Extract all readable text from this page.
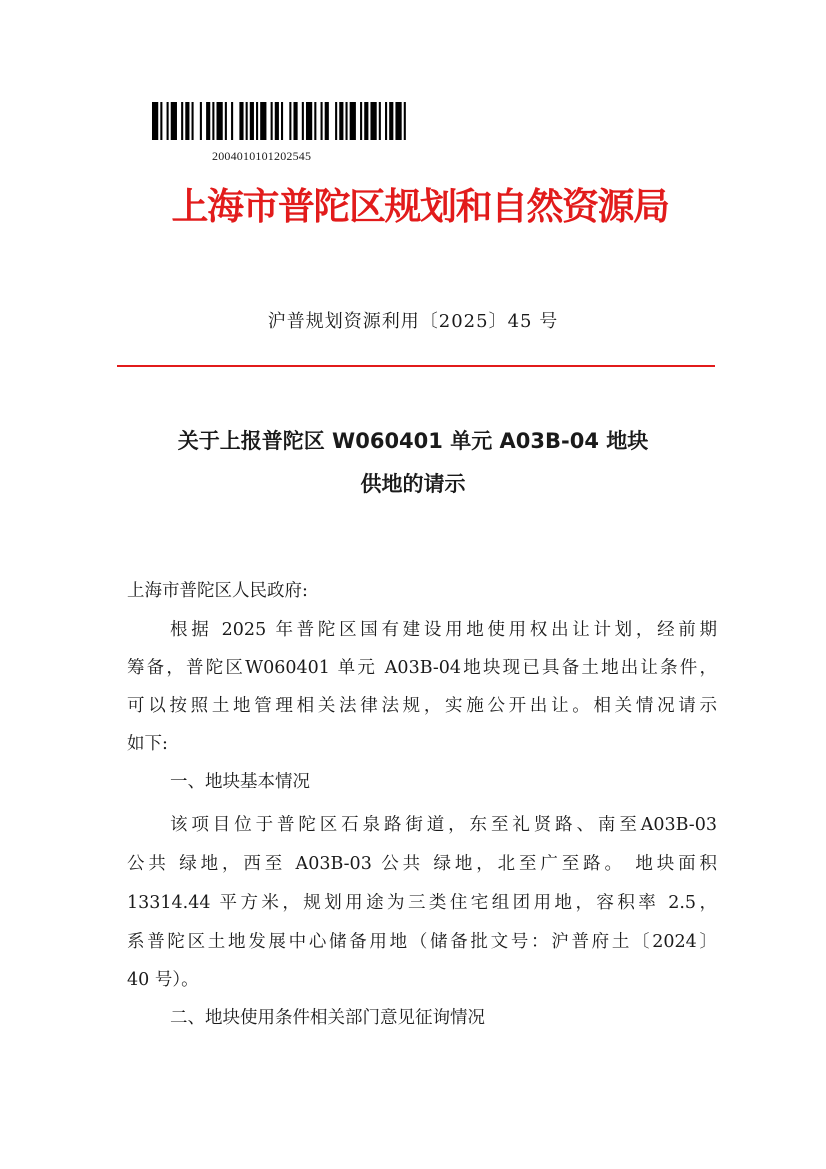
2004010101202545
上海市普陀区规划和自然资源局
沪普规划资源利用〔2025〕45 号
关于上报普陀区 W060401 单元 A03B-04 地块
供地的请示
上海市普陀区人民政府:
根据 2025 年普陀区国有建设用地使用权出让计划，经前期
筹备，普陀区W060401 单元 A03B-04地块现已具备土地出让条件，
可以按照土地管理相关法律法规，实施公开出让。相关情况请示
如下:
一、地块基本情况
该项目位于普陀区石泉路街道，东至礼贤路、南至A03B-03
公共 绿地，西至 A03B-03 公共 绿地，北至广至路。 地块面积
13314.44 平方米，规划用途为三类住宅组团用地，容积率 2.5，
系普陀区土地发展中心储备用地（储备批文号：沪普府土〔2024〕
40 号）。
二、地块使用条件相关部门意见征询情况
